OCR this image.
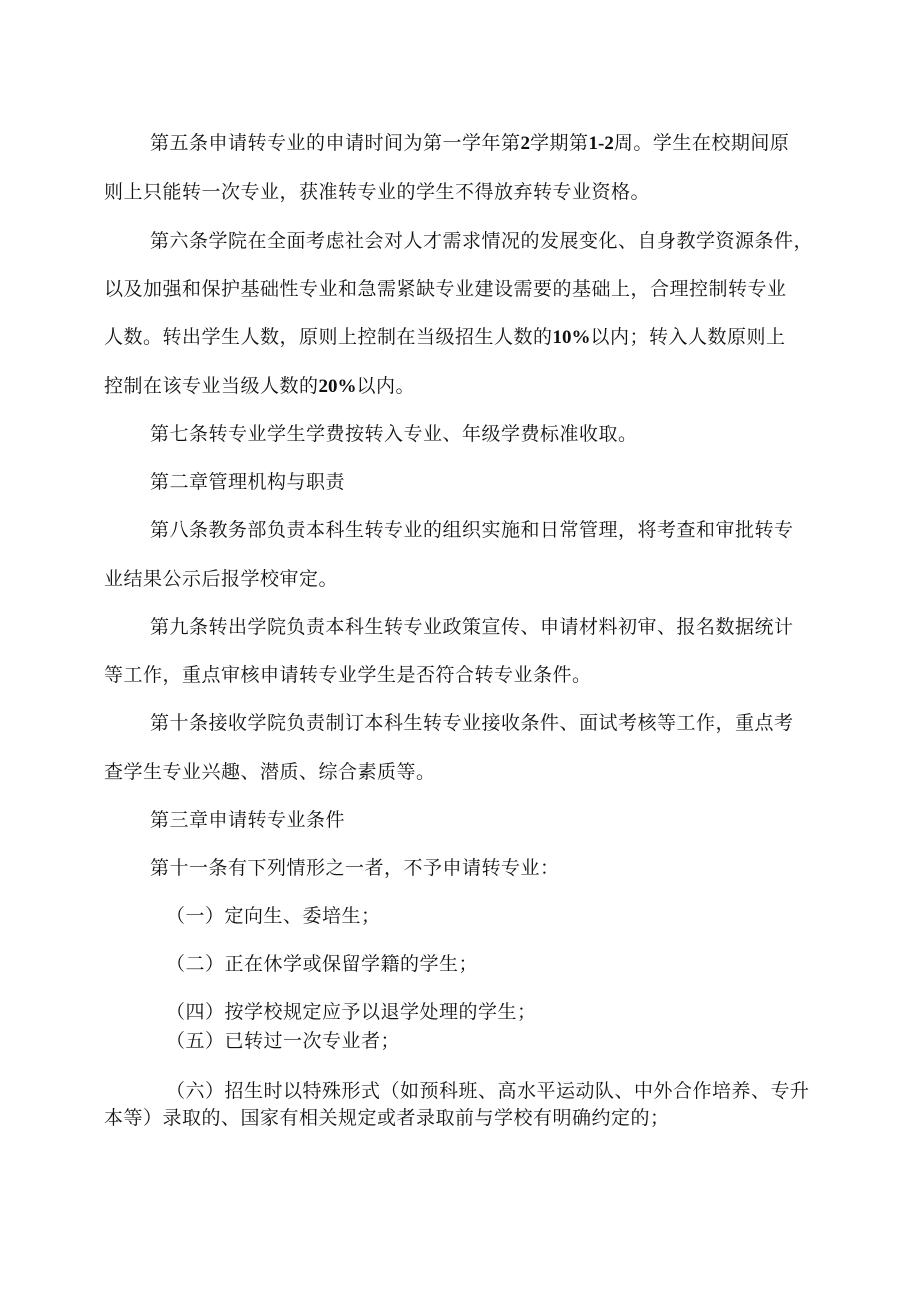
第五条申请转专业的申请时间为第一学年第2学期第1-2周。学生在校期间原
则上只能转一次专业，获准转专业的学生不得放弃转专业资格。
第六条学院在全面考虑社会对人才需求情况的发展变化、自身教学资源条件，
以及加强和保护基础性专业和急需紧缺专业建设需要的基础上，合理控制转专业
人数。转出学生人数，原则上控制在当级招生人数的10%以内；转入人数原则上
控制在该专业当级人数的20%以内。
第七条转专业学生学费按转入专业、年级学费标准收取。
第二章管理机构与职责
第八条教务部负责本科生转专业的组织实施和日常管理，将考查和审批转专
业结果公示后报学校审定。
第九条转出学院负责本科生转专业政策宣传、申请材料初审、报名数据统计
等工作，重点审核申请转专业学生是否符合转专业条件。
第十条接收学院负责制订本科生转专业接收条件、面试考核等工作，重点考
查学生专业兴趣、潜质、综合素质等。
第三章申请转专业条件
第十一条有下列情形之一者，不予申请转专业：
（一）定向生、委培生；
（二）正在休学或保留学籍的学生；
（四）按学校规定应予以退学处理的学生；
（五）已转过一次专业者；
（六）招生时以特殊形式（如预科班、高水平运动队、中外合作培养、专升
本等）录取的、国家有相关规定或者录取前与学校有明确约定的；
